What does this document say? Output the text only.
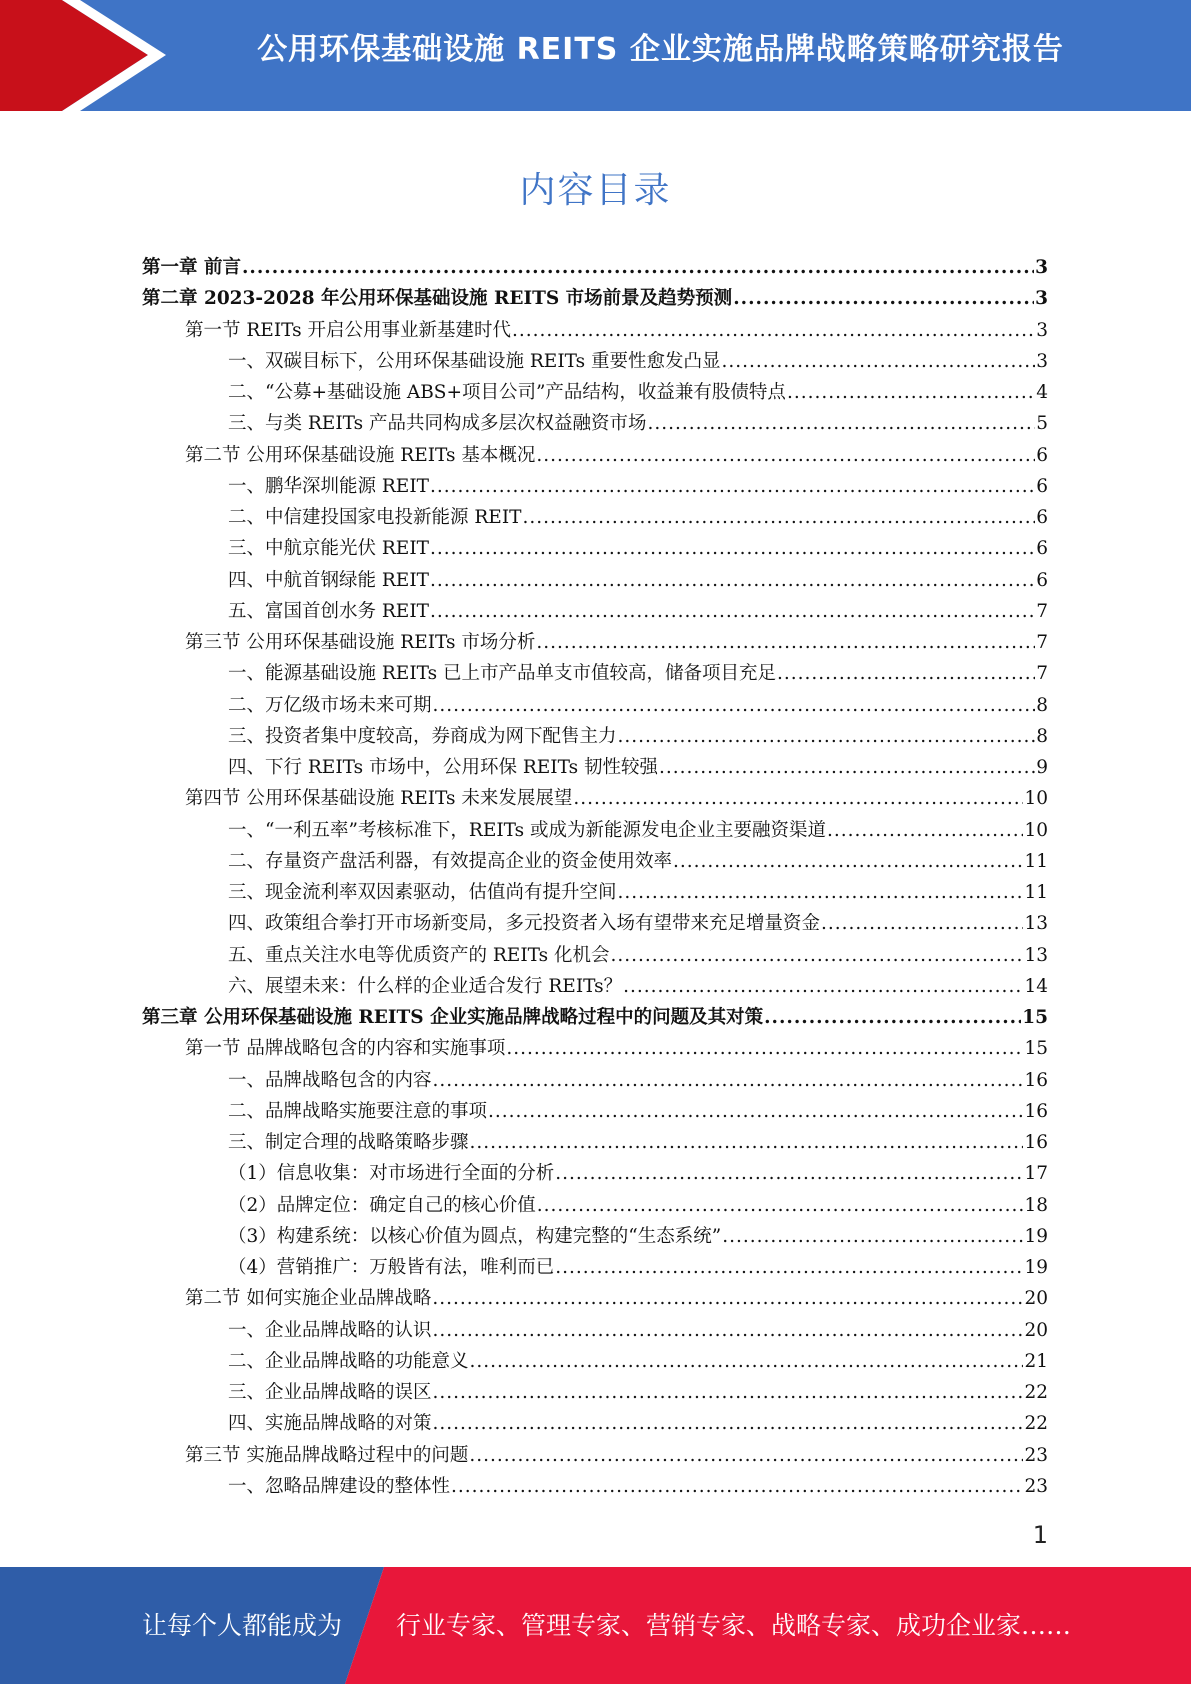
公用环保基础设施 REITS 企业实施品牌战略策略研究报告
内容目录
第一章 前言 .....	3
第二章 2023-2028 年公用环保基础设施 REITS 市场前景及趋势预测 .....	3
第一节 REITs 开启公用事业新基建时代 .....	3
一、双碳目标下，公用环保基础设施 REITs 重要性愈发凸显 .....	3
二、“公募+基础设施 ABS+项目公司”产品结构，收益兼有股债特点 .....	4
三、与类 REITs 产品共同构成多层次权益融资市场 .....	5
第二节 公用环保基础设施 REITs 基本概况 .....	6
一、鹏华深圳能源 REIT .....	6
二、中信建投国家电投新能源 REIT .....	6
三、中航京能光伏 REIT .....	6
四、中航首钢绿能 REIT .....	6
五、富国首创水务 REIT .....	7
第三节 公用环保基础设施 REITs 市场分析 .....	7
一、能源基础设施 REITs 已上市产品单支市值较高，储备项目充足 .....	7
二、万亿级市场未来可期 .....	8
三、投资者集中度较高，券商成为网下配售主力 .....	8
四、下行 REITs 市场中，公用环保 REITs 韧性较强 .....	9
第四节 公用环保基础设施 REITs 未来发展展望 .....	10
一、“一利五率”考核标准下，REITs 或成为新能源发电企业主要融资渠道 .....	10
二、存量资产盘活利器，有效提高企业的资金使用效率 .....	11
三、现金流利率双因素驱动，估值尚有提升空间 .....	11
四、政策组合拳打开市场新变局，多元投资者入场有望带来充足增量资金 .....	13
五、重点关注水电等优质资产的 REITs 化机会 .....	13
六、展望未来：什么样的企业适合发行 REITs？ .....	14
第三章 公用环保基础设施 REITS 企业实施品牌战略过程中的问题及其对策 .....	15
第一节 品牌战略包含的内容和实施事项 .....	15
一、品牌战略包含的内容 .....	16
二、品牌战略实施要注意的事项 .....	16
三、制定合理的战略策略步骤 .....	16
（1）信息收集：对市场进行全面的分析 .....	17
（2）品牌定位：确定自己的核心价值 .....	18
（3）构建系统：以核心价值为圆点，构建完整的“生态系统” .....	19
（4）营销推广：万般皆有法，唯利而已 .....	19
第二节 如何实施企业品牌战略 .....	20
一、企业品牌战略的认识 .....	20
二、企业品牌战略的功能意义 .....	21
三、企业品牌战略的误区 .....	22
四、实施品牌战略的对策 .....	22
第三节 实施品牌战略过程中的问题 .....	23
一、忽略品牌建设的整体性 .....	23
1
让每个人都能成为 行业专家、管理专家、营销专家、战略专家、成功企业家……
